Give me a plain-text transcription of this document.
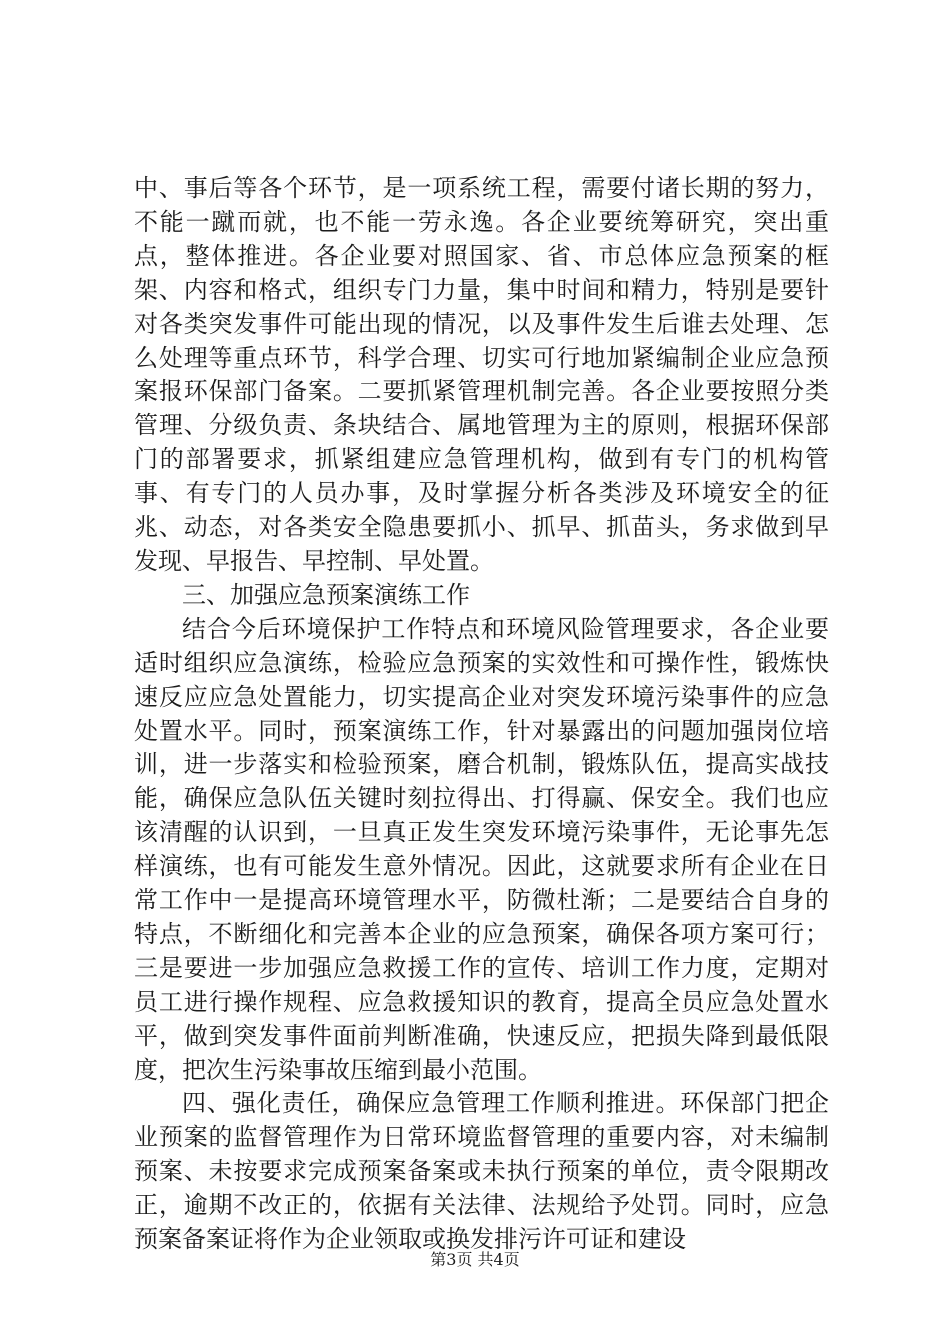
中、事后等各个环节，是一项系统工程，需要付诸长期的努力，不能一蹴而就，也不能一劳永逸。各企业要统筹研究，突出重点，整体推进。各企业要对照国家、省、市总体应急预案的框架、内容和格式，组织专门力量，集中时间和精力，特别是要针对各类突发事件可能出现的情况，以及事件发生后谁去处理、怎么处理等重点环节，科学合理、切实可行地加紧编制企业应急预案报环保部门备案。二要抓紧管理机制完善。各企业要按照分类管理、分级负责、条块结合、属地管理为主的原则，根据环保部门的部署要求，抓紧组建应急管理机构，做到有专门的机构管事、有专门的人员办事，及时掌握分析各类涉及环境安全的征兆、动态，对各类安全隐患要抓小、抓早、抓苗头，务求做到早发现、早报告、早控制、早处置。

三、加强应急预案演练工作

结合今后环境保护工作特点和环境风险管理要求，各企业要适时组织应急演练，检验应急预案的实效性和可操作性，锻炼快速反应应急处置能力，切实提高企业对突发环境污染事件的应急处置水平。同时，预案演练工作，针对暴露出的问题加强岗位培训，进一步落实和检验预案，磨合机制，锻炼队伍，提高实战技能，确保应急队伍关键时刻拉得出、打得赢、保安全。我们也应该清醒的认识到，一旦真正发生突发环境污染事件，无论事先怎样演练，也有可能发生意外情况。因此，这就要求所有企业在日常工作中一是提高环境管理水平，防微杜渐；二是要结合自身的特点，不断细化和完善本企业的应急预案，确保各项方案可行；三是要进一步加强应急救援工作的宣传、培训工作力度，定期对员工进行操作规程、应急救援知识的教育，提高全员应急处置水平，做到突发事件面前判断准确，快速反应，把损失降到最低限度，把次生污染事故压缩到最小范围。

四、强化责任，确保应急管理工作顺利推进。环保部门把企业预案的监督管理作为日常环境监督管理的重要内容，对未编制预案、未按要求完成预案备案或未执行预案的单位，责令限期改正，逾期不改正的，依据有关法律、法规给予处罚。同时，应急预案备案证将作为企业领取或换发排污许可证和建设

第3页 共4页
